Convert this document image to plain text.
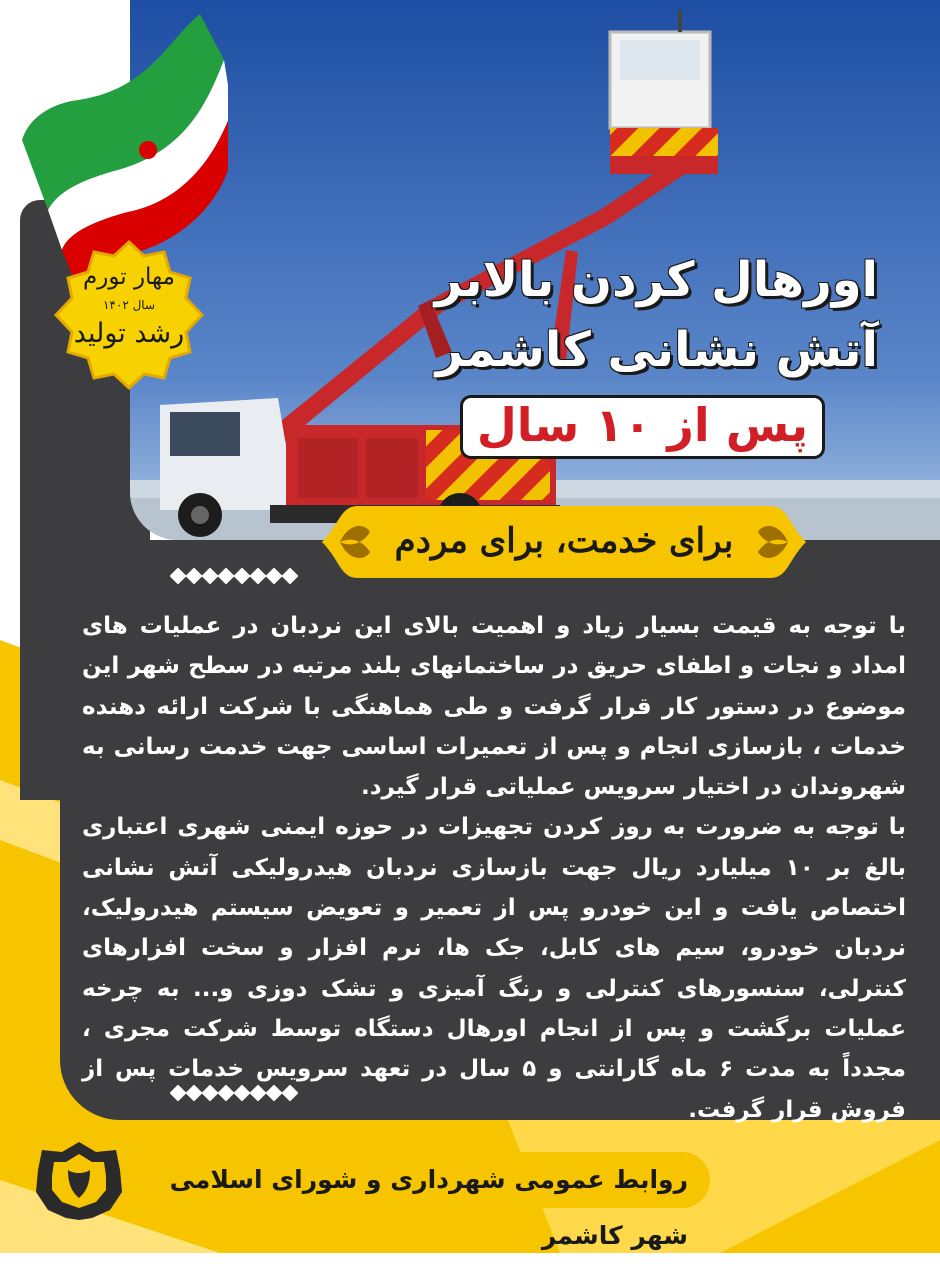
مهار تورم
سال ۱۴۰۲
رشد تولید
اورهال کردن بالابر
آتش نشانی کاشمر
پس از ۱۰ سال
برای خدمت، برای مردم

با توجه به قیمت بسیار زیاد و اهمیت بالای این نردبان در عملیات های امداد و نجات و اطفای حریق در ساختمانهای بلند مرتبه در سطح شهر این موضوع در دستور کار قرار گرفت و طی هماهنگی با شرکت ارائه دهنده خدمات ، بازسازی انجام و پس از تعمیرات اساسی جهت خدمت رسانی به شهروندان در اختیار سرویس عملیاتی قرار گیرد.

با توجه به ضرورت به روز کردن تجهیزات در حوزه ایمنی شهری اعتباری بالغ بر ۱۰ میلیارد ریال جهت بازسازی نردبان هیدرولیکی آتش نشانی اختصاص یافت و این خودرو پس از تعمیر و تعویض سیستم هیدرولیک، نردبان خودرو، سیم های کابل، جک ها، نرم افزار و سخت افزارهای کنترلی، سنسورهای کنترلی و رنگ آمیزی و تشک دوزی و... به چرخه عملیات برگشت و پس از انجام اورهال دستگاه توسط شرکت مجری ، مجدداً به مدت ۶ ماه گارانتی و ۵ سال در تعهد سرویس خدمات پس از فروش قرار گرفت.

روابط عمومی شهرداری و شورای اسلامی شهر کاشمر
